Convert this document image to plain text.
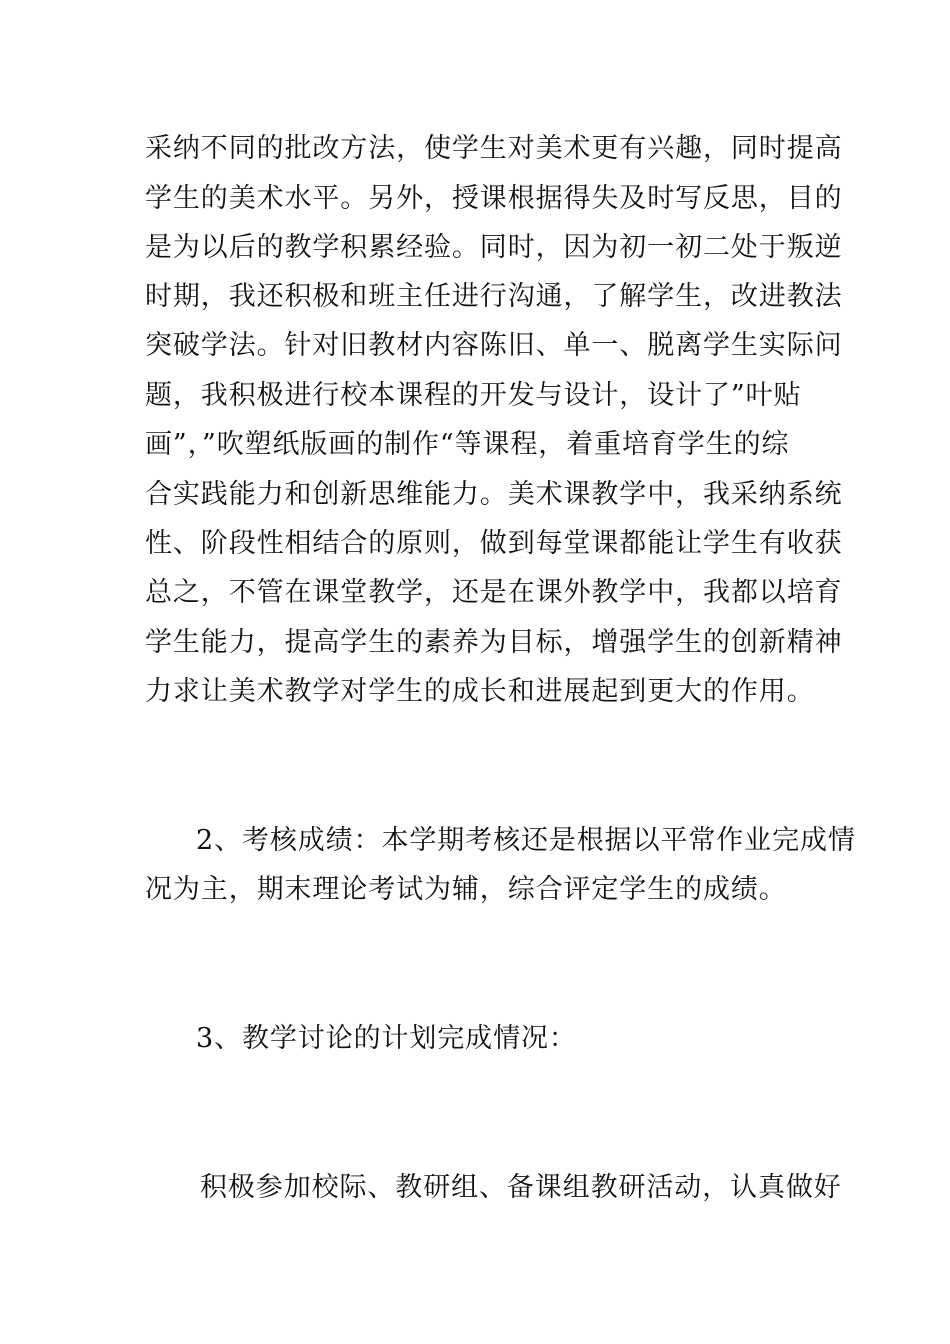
采纳不同的批改方法，使学生对美术更有兴趣，同时提高
学生的美术水平。另外，授课根据得失及时写反思，目的
是为以后的教学积累经验。同时，因为初一初二处于叛逆
时期，我还积极和班主任进行沟通，了解学生，改进教法
突破学法。针对旧教材内容陈旧、单一、脱离学生实际问
题，我积极进行校本课程的开发与设计，设计了”叶贴
画”，”吹塑纸版画的制作“等课程，着重培育学生的综
合实践能力和创新思维能力。美术课教学中，我采纳系统
性、阶段性相结合的原则，做到每堂课都能让学生有收获
总之，不管在课堂教学，还是在课外教学中，我都以培育
学生能力，提高学生的素养为目标，增强学生的创新精神
力求让美术教学对学生的成长和进展起到更大的作用。
2、考核成绩：本学期考核还是根据以平常作业完成情
况为主，期末理论考试为辅，综合评定学生的成绩。
3、教学讨论的计划完成情况：
积极参加校际、教研组、备课组教研活动，认真做好
